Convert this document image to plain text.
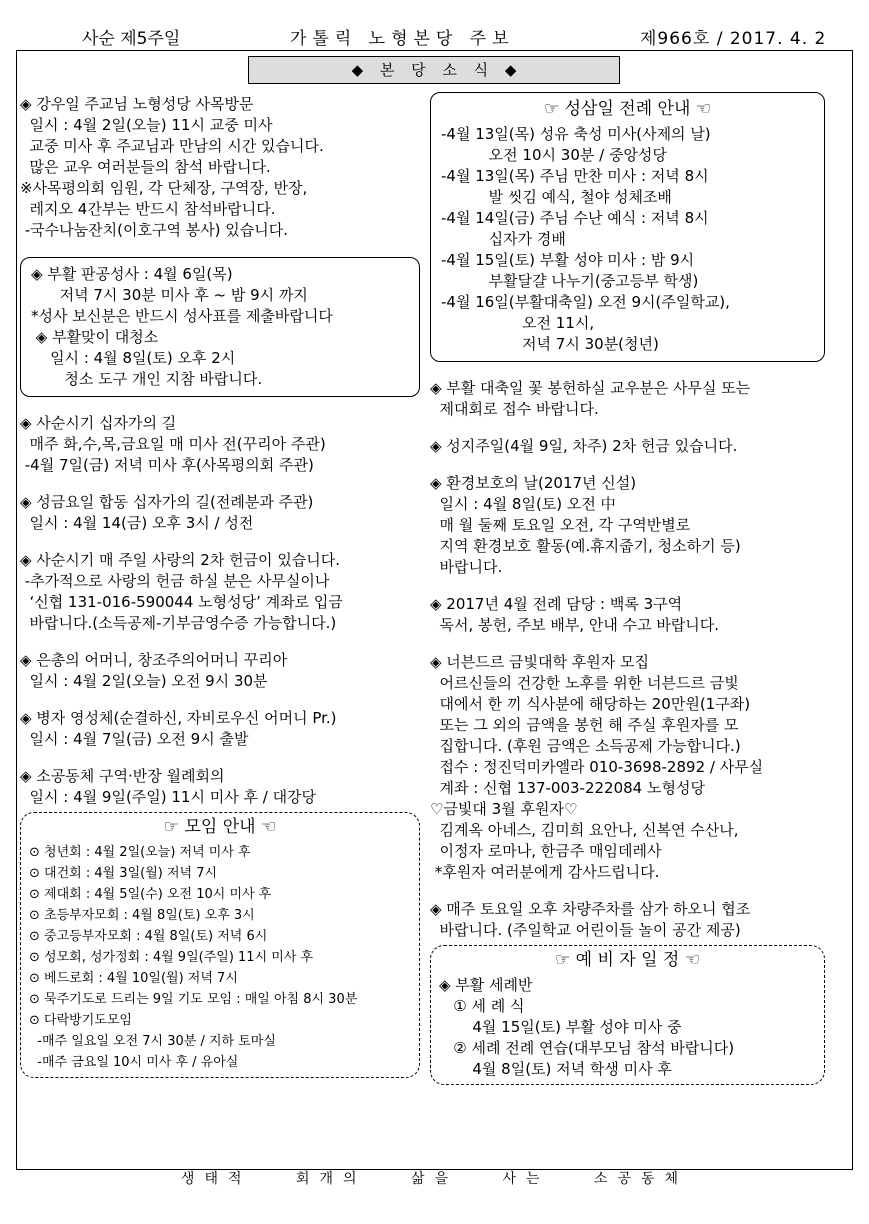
사순 제5주일	가톨릭 노형본당 주보	제966호 / 2017. 4. 2
◆ 본 당 소 식 ◆
◈ 강우일 주교님 노형성당 사목방문
일시 : 4월 2일(오늘) 11시 교중 미사
교중 미사 후 주교님과 만남의 시간 있습니다.
많은 교우 여러분들의 참석 바랍니다.
※사목평의회 임원, 각 단체장, 구역장, 반장,
레지오 4간부는 반드시 참석바랍니다.
-국수나눔잔치(이호구역 봉사) 있습니다.
◈ 부활 판공성사 : 4월 6일(목)
저녁 7시 30분 미사 후 ~ 밤 9시 까지
*성사 보신분은 반드시 성사표를 제출바랍니다
◈ 부활맞이 대청소
일시 : 4월 8일(토) 오후 2시
청소 도구 개인 지참 바랍니다.
◈ 사순시기 십자가의 길
매주 화,수,목,금요일 매 미사 전(꾸리아 주관)
-4월 7일(금) 저녁 미사 후(사목평의회 주관)
◈ 성금요일 합동 십자가의 길(전례분과 주관)
일시 : 4월 14(금) 오후 3시 / 성전
◈ 사순시기 매 주일 사랑의 2차 헌금이 있습니다.
-추가적으로 사랑의 헌금 하실 분은 사무실이나
‘신협 131-016-590044 노형성당’ 계좌로 입금
바랍니다.(소득공제-기부금영수증 가능합니다.)
◈ 은총의 어머니, 창조주의어머니 꾸리아
일시 : 4월 2일(오늘) 오전 9시 30분
◈ 병자 영성체(순결하신, 자비로우신 어머니 Pr.)
일시 : 4월 7일(금) 오전 9시 출발
◈ 소공동체 구역·반장 월례회의
일시 : 4월 9일(주일) 11시 미사 후 / 대강당
☞ 모임 안내 ☜
⊙ 청년회 : 4월 2일(오늘) 저녁 미사 후
⊙ 대건회 : 4월 3일(월) 저녁 7시
⊙ 제대회 : 4월 5일(수) 오전 10시 미사 후
⊙ 초등부자모회 : 4월 8일(토) 오후 3시
⊙ 중고등부자모회 : 4월 8일(토) 저녁 6시
⊙ 성모회, 성가정회 : 4월 9일(주일) 11시 미사 후
⊙ 베드로회 : 4월 10일(월) 저녁 7시
⊙ 묵주기도로 드리는 9일 기도 모임 : 매일 아침 8시 30분
⊙ 다락방기도모임
-매주 일요일 오전 7시 30분 / 지하 토마실
-매주 금요일 10시 미사 후 / 유아실
☞ 성삼일 전례 안내 ☜
-4월 13일(목) 성유 축성 미사(사제의 날)
오전 10시 30분 / 중앙성당
-4월 13일(목) 주님 만찬 미사 : 저녁 8시
발 씻김 예식, 철야 성체조배
-4월 14일(금) 주님 수난 예식 : 저녁 8시
십자가 경배
-4월 15일(토) 부활 성야 미사 : 밤 9시
부활달걀 나누기(중고등부 학생)
-4월 16일(부활대축일) 오전 9시(주일학교),
오전 11시,
저녁 7시 30분(청년)
◈ 부활 대축일 꽃 봉헌하실 교우분은 사무실 또는
제대회로 접수 바랍니다.
◈ 성지주일(4월 9일, 차주) 2차 헌금 있습니다.
◈ 환경보호의 날(2017년 신설)
일시 : 4월 8일(토) 오전 中
매 월 둘째 토요일 오전, 각 구역반별로
지역 환경보호 활동(예.휴지줍기, 청소하기 등)
바랍니다.
◈ 2017년 4월 전례 담당 : 백록 3구역
독서, 봉헌, 주보 배부, 안내 수고 바랍니다.
◈ 너븐드르 금빛대학 후원자 모집
어르신들의 건강한 노후를 위한 너븐드르 금빛
대에서 한 끼 식사분에 해당하는 20만원(1구좌)
또는 그 외의 금액을 봉헌 해 주실 후원자를 모
집합니다. (후원 금액은 소득공제 가능합니다.)
접수 : 정진덕미카엘라 010-3698-2892 / 사무실
계좌 : 신협 137-003-222084 노형성당
♡금빛대 3월 후원자♡
김계옥 아네스, 김미희 요안나, 신복연 수산나,
이정자 로마나, 한금주 매임데레사
*후원자 여러분에게 감사드립니다.
◈ 매주 토요일 오후 차량주차를 삼가 하오니 협조
바랍니다. (주일학교 어린이들 놀이 공간 제공)
☞ 예 비 자 일 정 ☜
◈ 부활 세례반
① 세 례 식
4월 15일(토) 부활 성야 미사 중
② 세례 전례 연습(대부모님 참석 바랍니다)
4월 8일(토) 저녁 학생 미사 후
생태적 회개의 삶을 사는 소공동체
